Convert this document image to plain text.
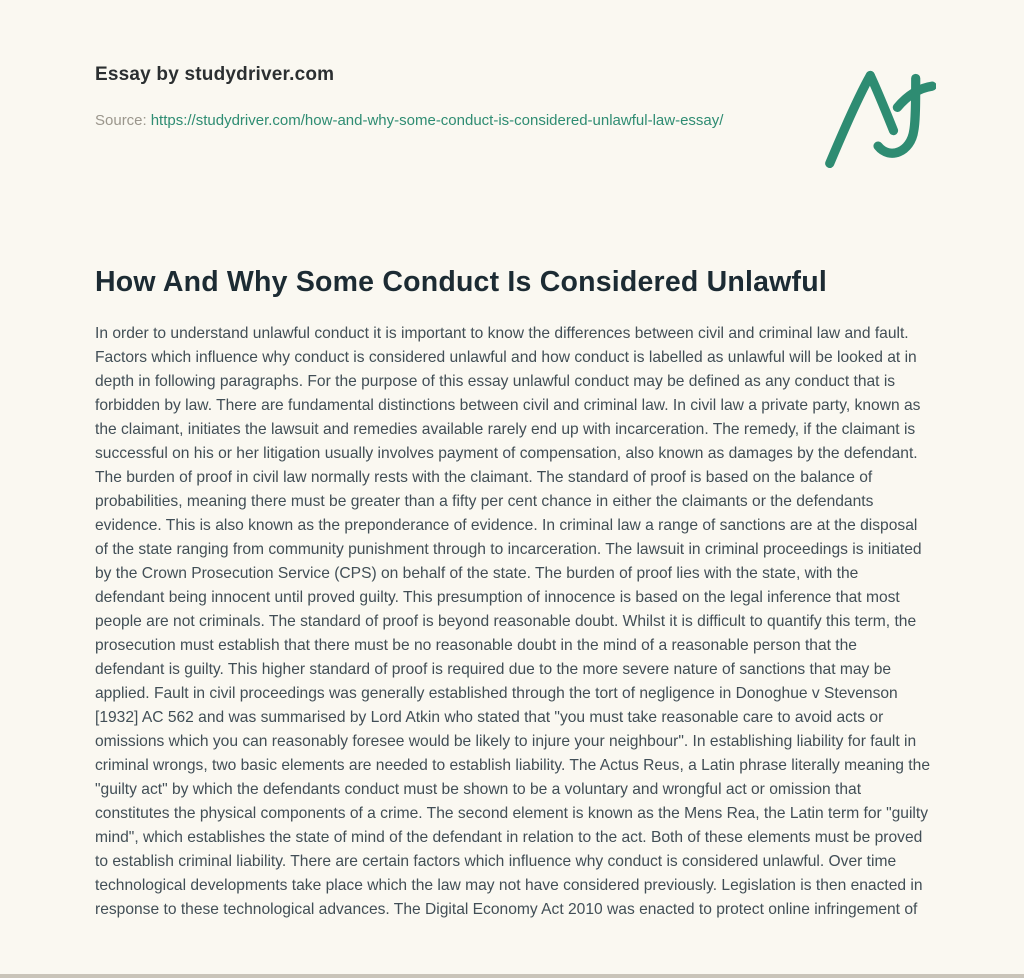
Essay by studydriver.com

Source: https://studydriver.com/how-and-why-some-conduct-is-considered-unlawful-law-essay/

How And Why Some Conduct Is Considered Unlawful

In order to understand unlawful conduct it is important to know the differences between civil and criminal law and fault. Factors which influence why conduct is considered unlawful and how conduct is labelled as unlawful will be looked at in depth in following paragraphs. For the purpose of this essay unlawful conduct may be defined as any conduct that is forbidden by law. There are fundamental distinctions between civil and criminal law. In civil law a private party, known as the claimant, initiates the lawsuit and remedies available rarely end up with incarceration. The remedy, if the claimant is successful on his or her litigation usually involves payment of compensation, also known as damages by the defendant. The burden of proof in civil law normally rests with the claimant. The standard of proof is based on the balance of probabilities, meaning there must be greater than a fifty per cent chance in either the claimants or the defendants evidence. This is also known as the preponderance of evidence. In criminal law a range of sanctions are at the disposal of the state ranging from community punishment through to incarceration. The lawsuit in criminal proceedings is initiated by the Crown Prosecution Service (CPS) on behalf of the state. The burden of proof lies with the state, with the defendant being innocent until proved guilty. This presumption of innocence is based on the legal inference that most people are not criminals. The standard of proof is beyond reasonable doubt. Whilst it is difficult to quantify this term, the prosecution must establish that there must be no reasonable doubt in the mind of a reasonable person that the defendant is guilty. This higher standard of proof is required due to the more severe nature of sanctions that may be applied. Fault in civil proceedings was generally established through the tort of negligence in Donoghue v Stevenson [1932] AC 562 and was summarised by Lord Atkin who stated that "you must take reasonable care to avoid acts or omissions which you can reasonably foresee would be likely to injure your neighbour". In establishing liability for fault in criminal wrongs, two basic elements are needed to establish liability. The Actus Reus, a Latin phrase literally meaning the "guilty act" by which the defendants conduct must be shown to be a voluntary and wrongful act or omission that constitutes the physical components of a crime. The second element is known as the Mens Rea, the Latin term for "guilty mind", which establishes the state of mind of the defendant in relation to the act. Both of these elements must be proved to establish criminal liability. There are certain factors which influence why conduct is considered unlawful. Over time technological developments take place which the law may not have considered previously. Legislation is then enacted in response to these technological advances. The Digital Economy Act 2010 was enacted to protect online infringement of
